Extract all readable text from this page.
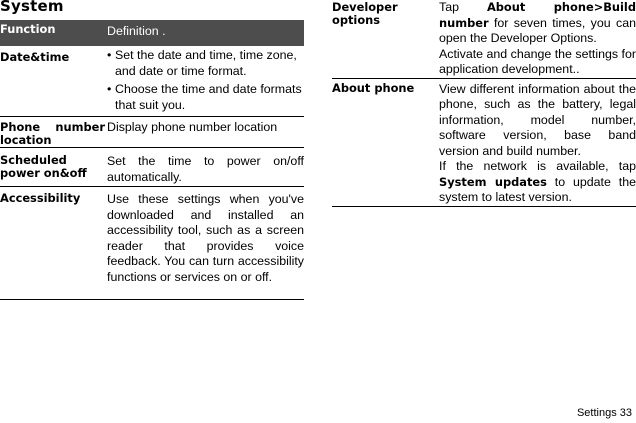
System
Function	Definition .
Date&time	• Set the date and time, time zone, and date or time format.
• Choose the time and date formats that suit you.

Phone number
location	Display phone number location
Scheduled power on&off	Set the time to power on/off automatically.
Accessibility	Use these settings when you've downloaded and installed an accessibility tool, such as a screen reader that provides voice feedback. You can turn accessibility functions or services on or off.
Developer options	Tap About phone>Build number for seven times, you can open the Developer Options.
Activate and change the settings for application development..

About phone	View different information about the phone, such as the battery, legal information, model number, software version, base band version and build number.
If the network is available, tap System updates to update the system to latest version.
Settings 33
